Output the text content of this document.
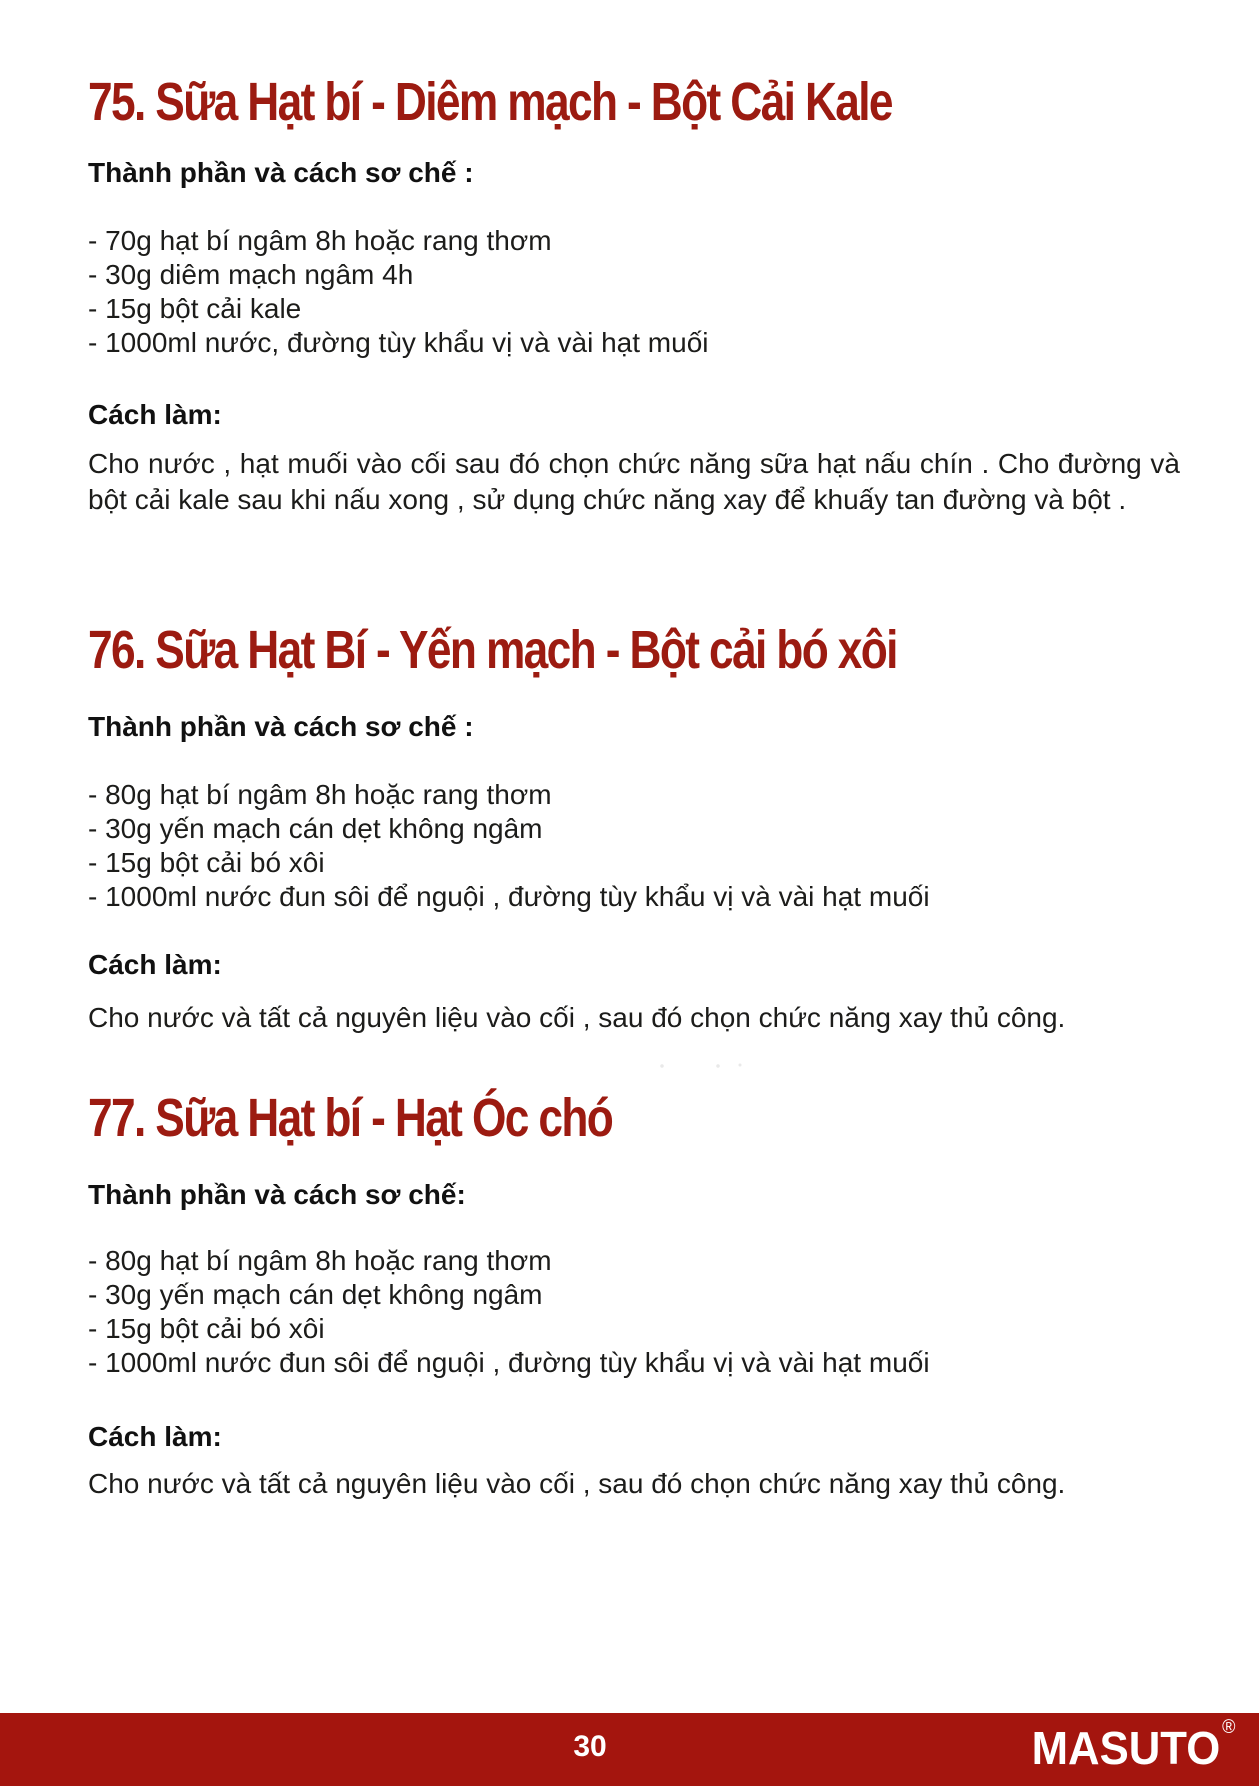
75. Sữa Hạt bí - Diêm mạch - Bột Cải Kale
Thành phần và cách sơ chế :
- 70g hạt bí ngâm 8h hoặc rang thơm
- 30g diêm mạch ngâm 4h
- 15g bột cải kale
- 1000ml nước, đường tùy khẩu vị và vài hạt muối
Cách làm:

Cho nước , hạt muối vào cối sau đó chọn chức năng sữa hạt nấu chín . Cho đường và bột cải kale sau khi nấu xong , sử dụng chức năng xay để khuấy tan đường và bột .

76. Sữa Hạt Bí - Yến mạch - Bột cải bó xôi
Thành phần và cách sơ chế :
- 80g hạt bí ngâm 8h hoặc rang thơm
- 30g yến mạch cán dẹt không ngâm
- 15g bột cải bó xôi
- 1000ml nước đun sôi để nguội , đường tùy khẩu vị và vài hạt muối
Cách làm:

Cho nước và tất cả nguyên liệu vào cối , sau đó chọn chức năng xay thủ công.

77. Sữa Hạt bí - Hạt Óc chó
Thành phần và cách sơ chế:
- 80g hạt bí ngâm 8h hoặc rang thơm
- 30g yến mạch cán dẹt không ngâm
- 15g bột cải bó xôi
- 1000ml nước đun sôi để nguội , đường tùy khẩu vị và vài hạt muối
Cách làm:

Cho nước và tất cả nguyên liệu vào cối , sau đó chọn chức năng xay thủ công.

30	MASUTO ®
